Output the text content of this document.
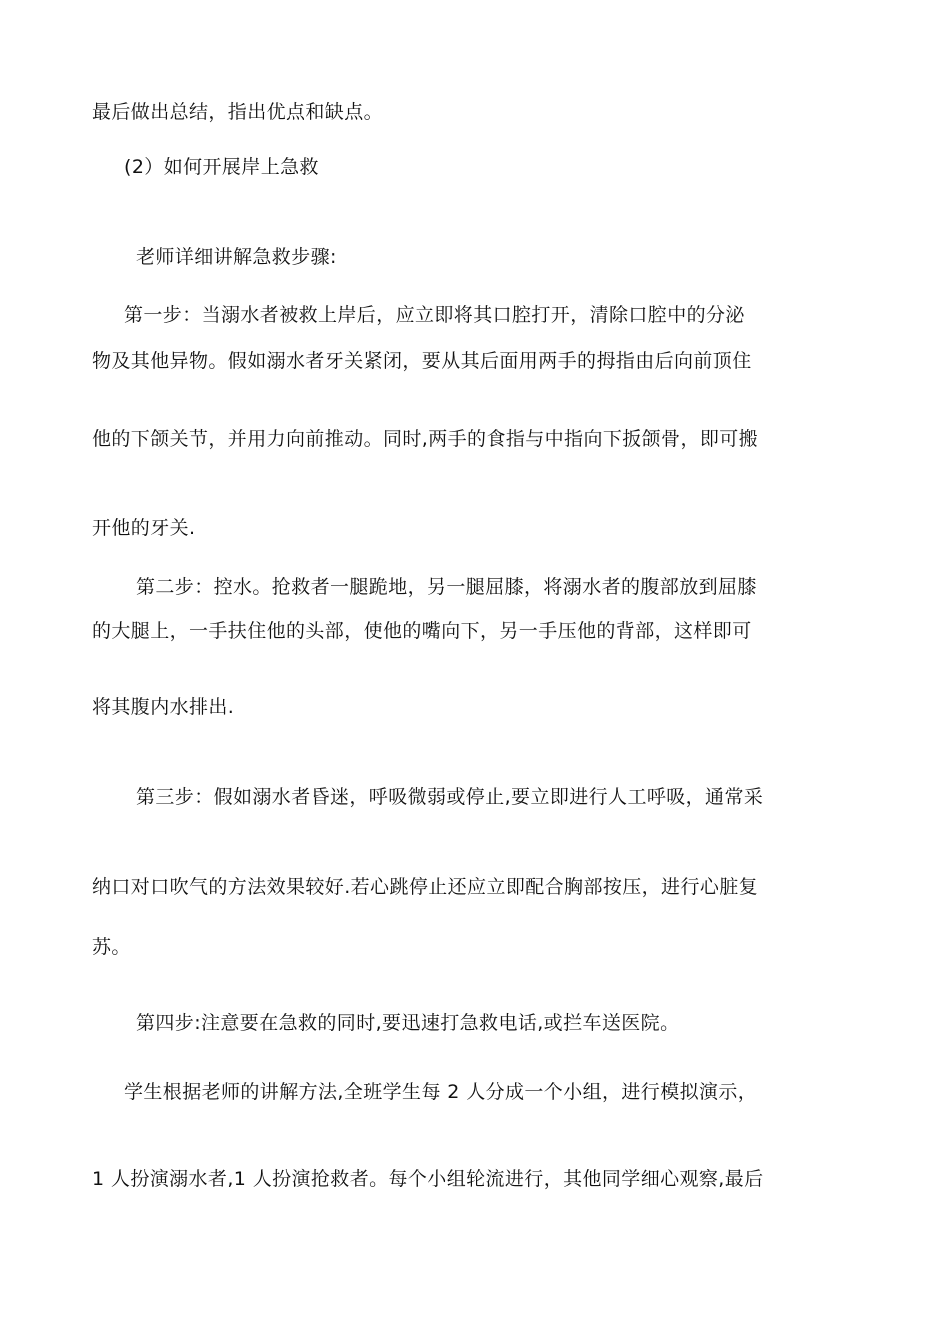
最后做出总结，指出优点和缺点。
(2）如何开展岸上急救
老师详细讲解急救步骤:
第一步：当溺水者被救上岸后，应立即将其口腔打开，清除口腔中的分泌
物及其他异物。假如溺水者牙关紧闭，要从其后面用两手的拇指由后向前顶住
他的下颌关节，并用力向前推动。同时,两手的食指与中指向下扳颌骨，即可搬
开他的牙关.
第二步：控水。抢救者一腿跪地，另一腿屈膝，将溺水者的腹部放到屈膝
的大腿上，一手扶住他的头部，使他的嘴向下，另一手压他的背部，这样即可
将其腹内水排出.
第三步：假如溺水者昏迷，呼吸微弱或停止,要立即进行人工呼吸，通常采
纳口对口吹气的方法效果较好.若心跳停止还应立即配合胸部按压，进行心脏复
苏。
第四步:注意要在急救的同时,要迅速打急救电话,或拦车送医院。
学生根据老师的讲解方法,全班学生每 2 人分成一个小组，进行模拟演示，
1 人扮演溺水者,1 人扮演抢救者。每个小组轮流进行，其他同学细心观察,最后
